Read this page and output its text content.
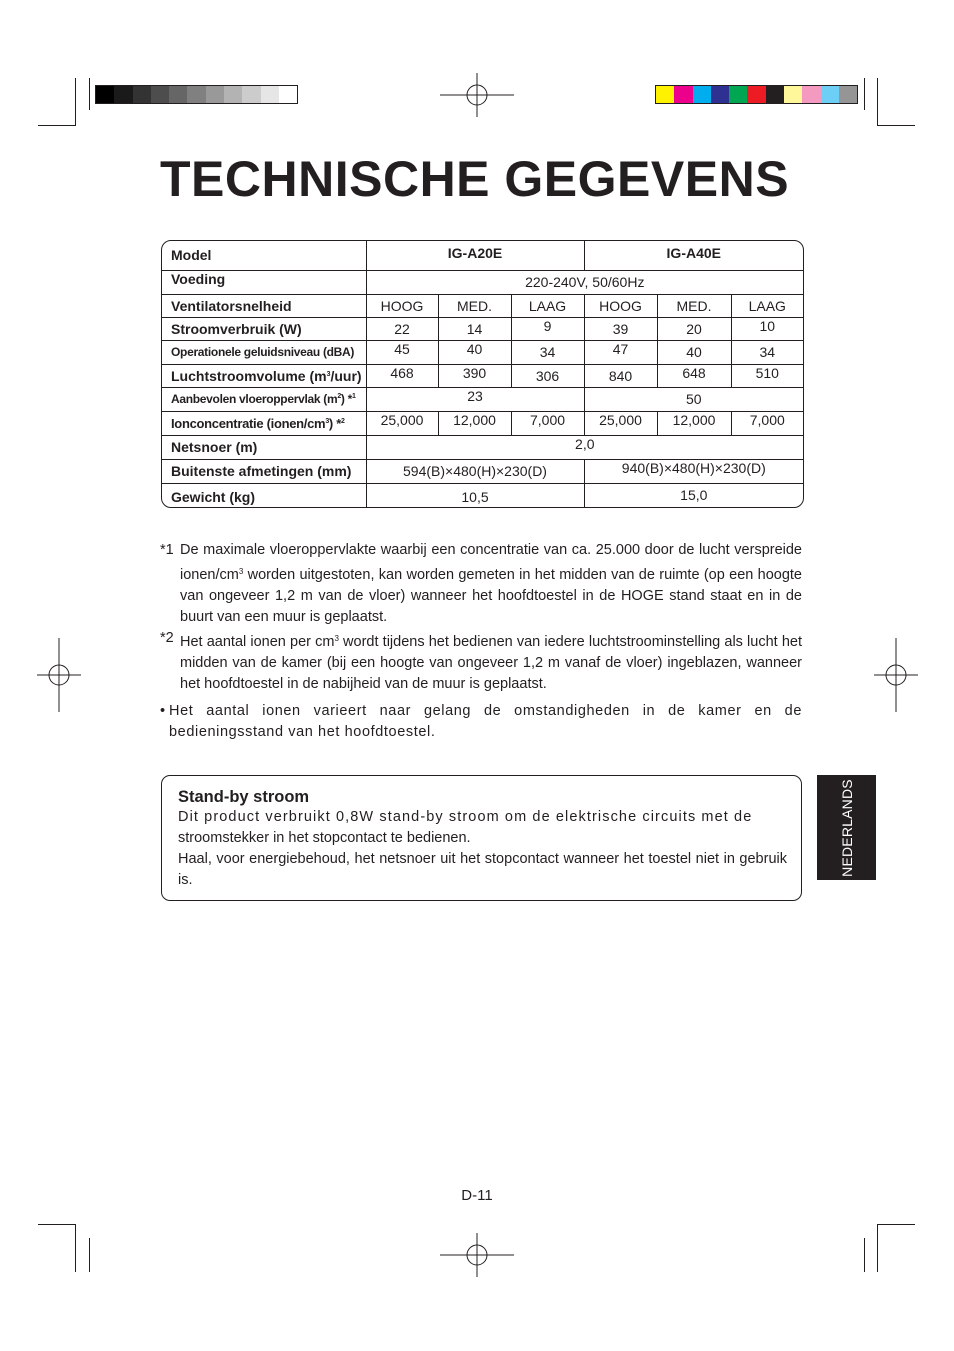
TECHNISCHE GEGEVENS
Model	IG-A20E			IG-A40E		
Voeding	220-240V, 50/60Hz					
Ventilatorsnelheid	HOOG	MED.	LAAG	HOOG	MED.	LAAG
Stroomverbruik (W)	22	14	9	39	20	10
Operationele geluidsniveau (dBA)	45	40	34	47	40	34
Luchtstroomvolume $(m^3/uur)$	468	390	306	840	648	510
Aanbevolen vloeroppervlak $(m^2)$ *$^1$	23			50		
Ionconcentratie $(ionen/cm^3)$ *$^2$	25,000	12,000	7,000	25,000	12,000	7,000
Netsnoer (m)	2,0					
Buitenste afmetingen (mm)	594(B)×480(H)×230(D)			940(B)×480(H)×230(D)		
Gewicht (kg)	10,5			15,0		
*1 De maximale vloeroppervlakte waarbij een concentratie van ca. 25.000 door de lucht verspreide ionen/$cm^3$ worden uitgestoten, kan worden gemeten in het midden van de ruimte (op een hoogte van ongeveer 1,2 m van de vloer) wanneer het hoofdtoestel in de HOGE stand staat en in de buurt van een muur is geplaatst.
*2 Het aantal ionen per $cm^3$ wordt tijdens het bedienen van iedere luchtstroominstelling als lucht het midden van de kamer (bij een hoogte van ongeveer 1,2 m vanaf de vloer) ingeblazen, wanneer het hoofdtoestel in de nabijheid van de muur is geplaatst.
• Het aantal ionen varieert naar gelang de omstandigheden in de kamer en de bedieningsstand van het hoofdtoestel.
Stand-by stroom

Dit product verbruikt 0,8W stand-by stroom om de elektrische circuits met de

stroomstekker in het stopcontact te bedienen.

Haal, voor energiebehoud, het netsnoer uit het stopcontact wanneer het toestel niet in gebruik is.

NEDERLANDS
D-11
